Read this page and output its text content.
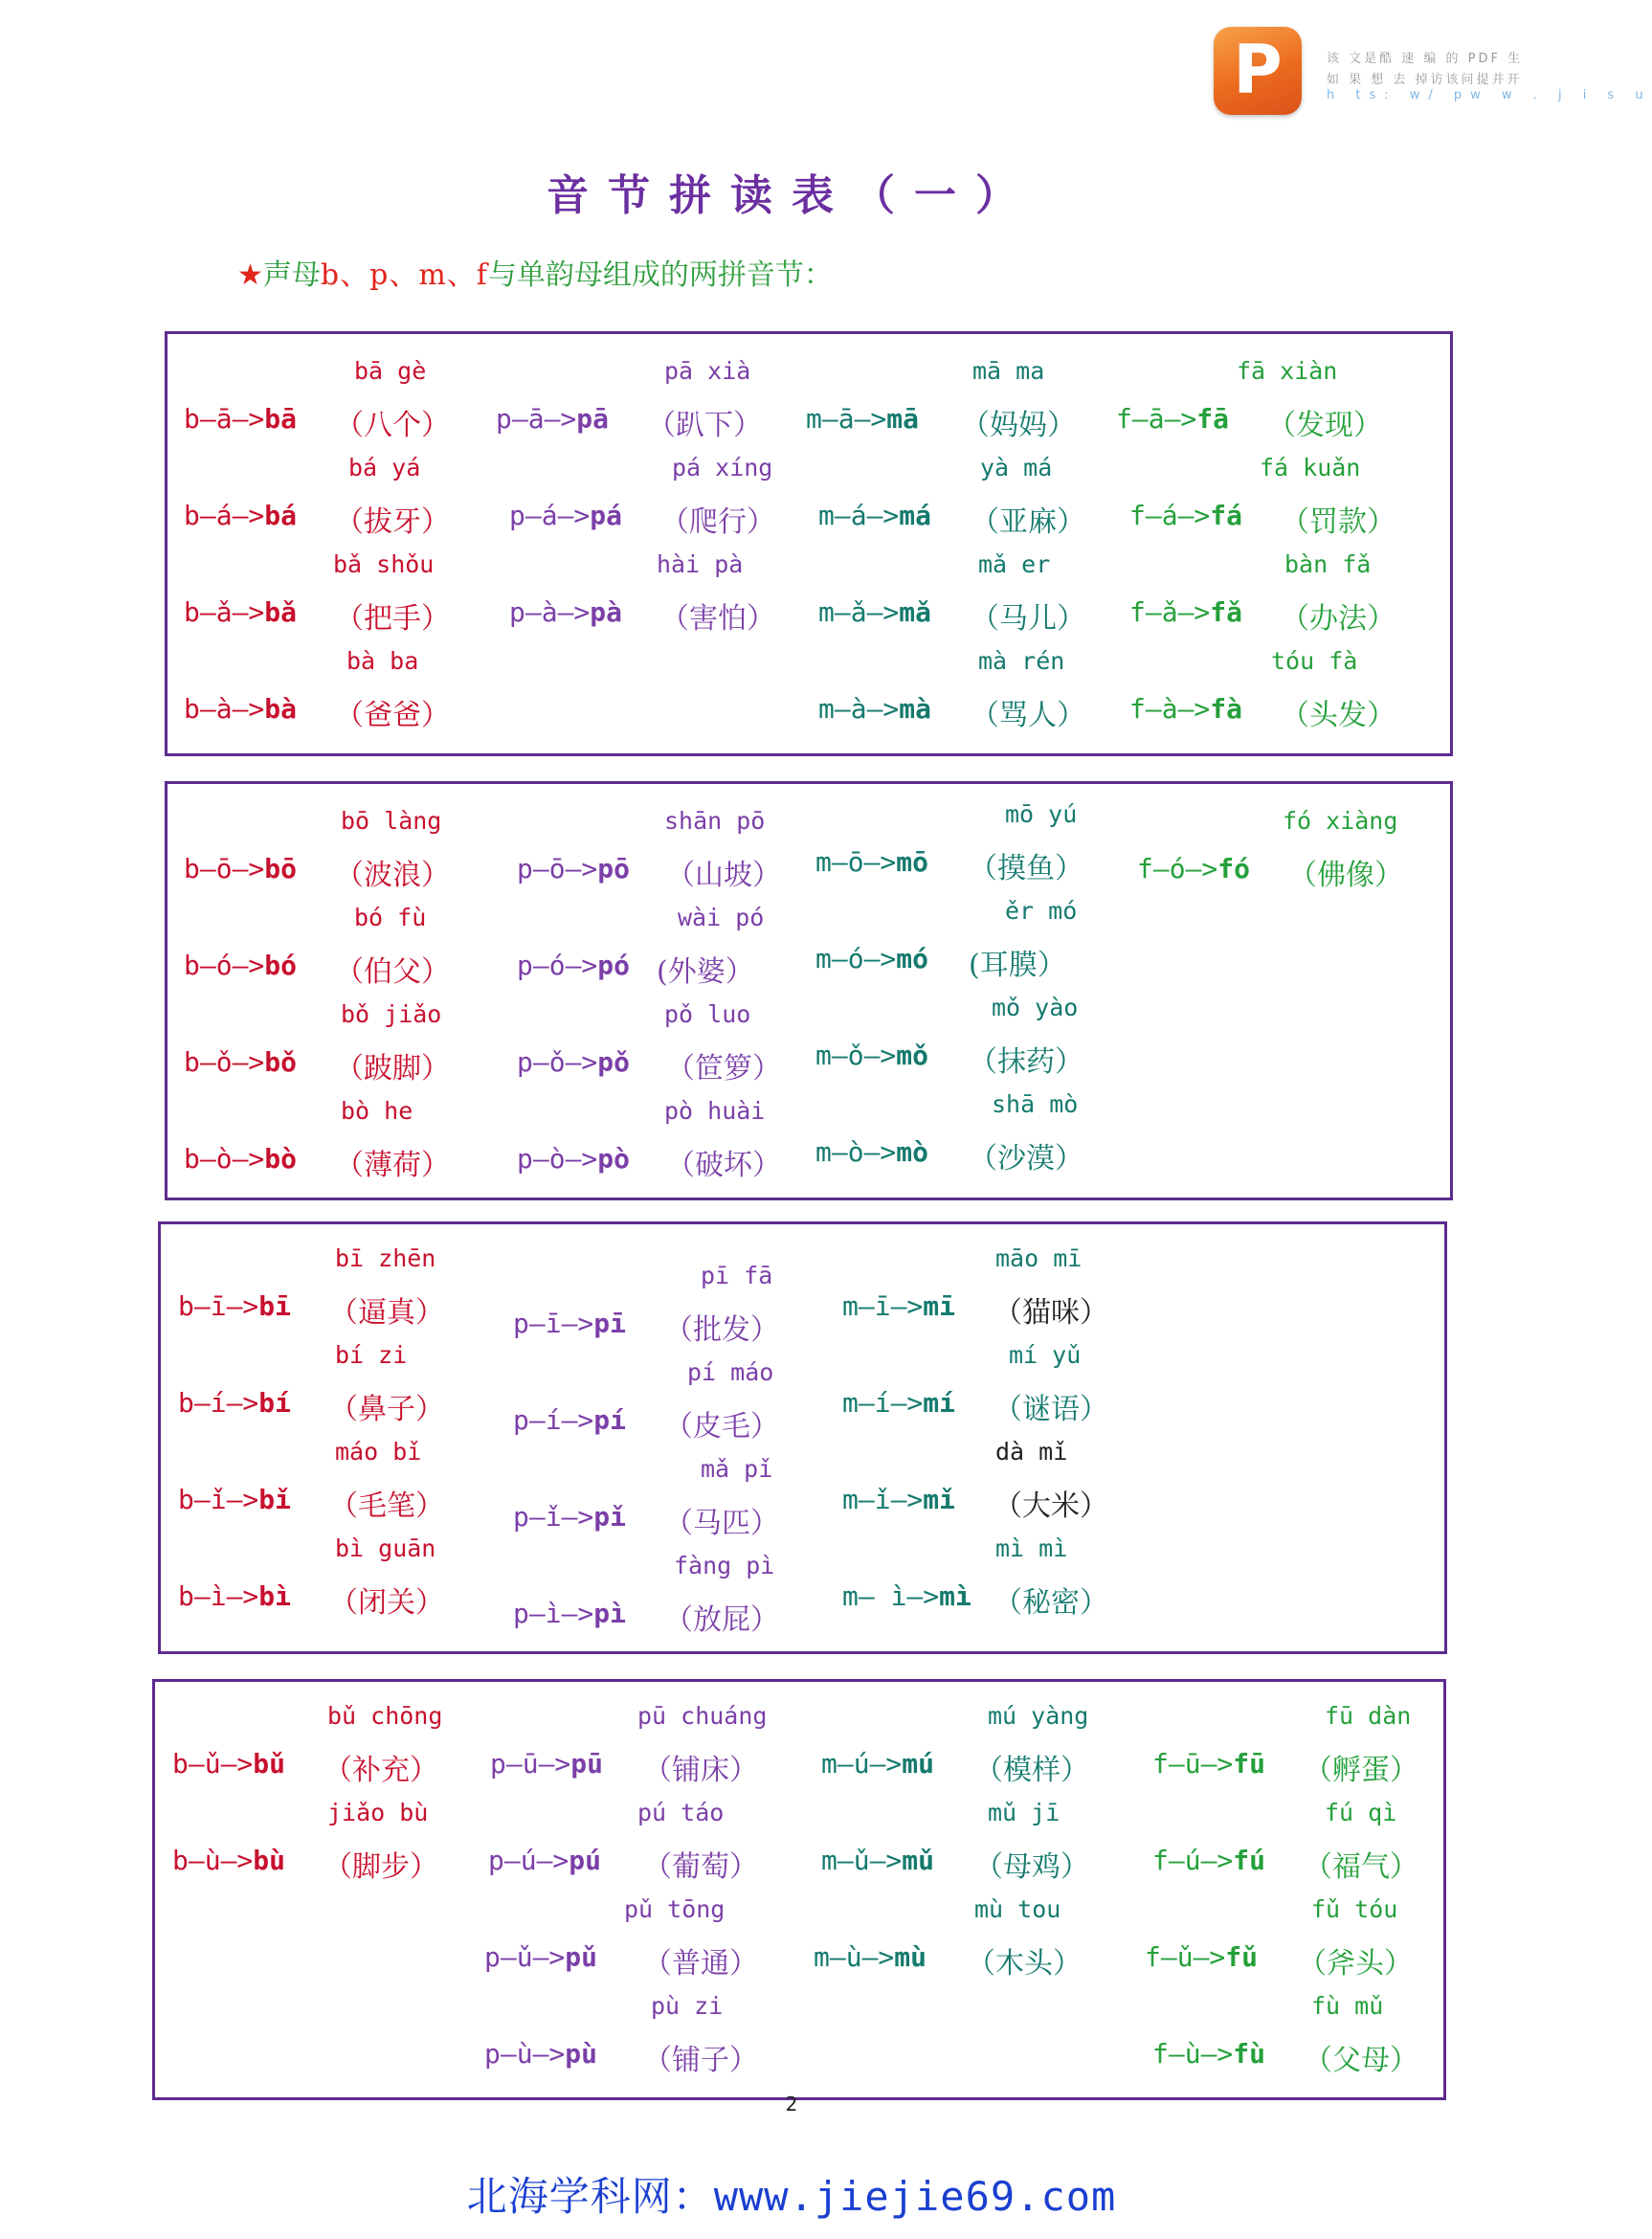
P	该 文是酷 速 编 的 PDF 生
如 果 想 去 掉访该问提并开
h ts: w/ pw w . j i s u
音节拼读表（一）
★声母b、p、m、f与单韵母组成的两拼音节：
bā gè
b—ā—>bā （八个）
bá yá
b—á—>bá （拔牙）
bǎ shǒu
b—ǎ—>bǎ （把手）
bà ba
b—à—>bà （爸爸）
pā xià
p—ā—>pā （趴下）
pá xíng
p—á—>pá （爬行）
hài pà
p—à—>pà （害怕）
mā ma
m—ā—>mā （妈妈）
yà má
m—á—>má （亚麻）
mǎ er
m—ǎ—>mǎ （马儿）
mà rén
m—à—>mà （骂人）
fā xiàn
f—ā—>fā （发现）
fá kuǎn
f—á—>fá （罚款）
bàn fǎ
f—ǎ—>fǎ （办法）
tóu fà
f—à—>fà （头发）
bō làng
b—ō—>bō （波浪）
bó fù
b—ó—>bó （伯父）
bǒ jiǎo
b—ǒ—>bǒ （跛脚）
bò he
b—ò—>bò （薄荷）
shān pō
p—ō—>pō （山坡）
wài pó
p—ó—>pó (外婆）
pǒ luo
p—ǒ—>pǒ （笸箩）
pò huài
p—ò—>pò （破坏）
mō yú
m—ō—>mō （摸鱼）
ěr mó
m—ó—>mó (耳膜）
mǒ yào
m—ǒ—>mǒ （抹药）
shā mò
m—ò—>mò （沙漠）
fó xiàng
f—ó—>fó （佛像）
bī zhēn
b—ī—>bī （逼真）
bí zi
b—í—>bí （鼻子）
máo bǐ
b—ǐ—>bǐ （毛笔）
bì guān
b—ì—>bì （闭关）
pī fā
p—ī—>pī （批发）
pí máo
p—í—>pí （皮毛）
mǎ pǐ
p—ǐ—>pǐ （马匹）
fàng pì
p—ì—>pì （放屁）
māo mī
m—ī—>mī （猫咪）
mí yǔ
m—í—>mí （谜语）
dà mǐ
m—ǐ—>mǐ （大米）
mì mì
m— ì—>mì （秘密）
bǔ chōng
b—ǔ—>bǔ （补充）
jiǎo bù
b—ù—>bù （脚步）
pū chuáng
p—ū—>pū （铺床）
pú táo
p—ú—>pú （葡萄）
pǔ tōng
p—ǔ—>pǔ （普通）
pù zi
p—ù—>pù （铺子）
mú yàng
m—ú—>mú （模样）
mǔ jī
m—ǔ—>mǔ （母鸡）
mù tou
m—ù—>mù （木头）
fū dàn
f—ū—>fū （孵蛋）
fú qì
f—ú—>fú （福气）
fǔ tóu
f—ǔ—>fǔ （斧头）
fù mǔ
f—ù—>fù （父母）
2
北海学科网：www.jiejie69.com
